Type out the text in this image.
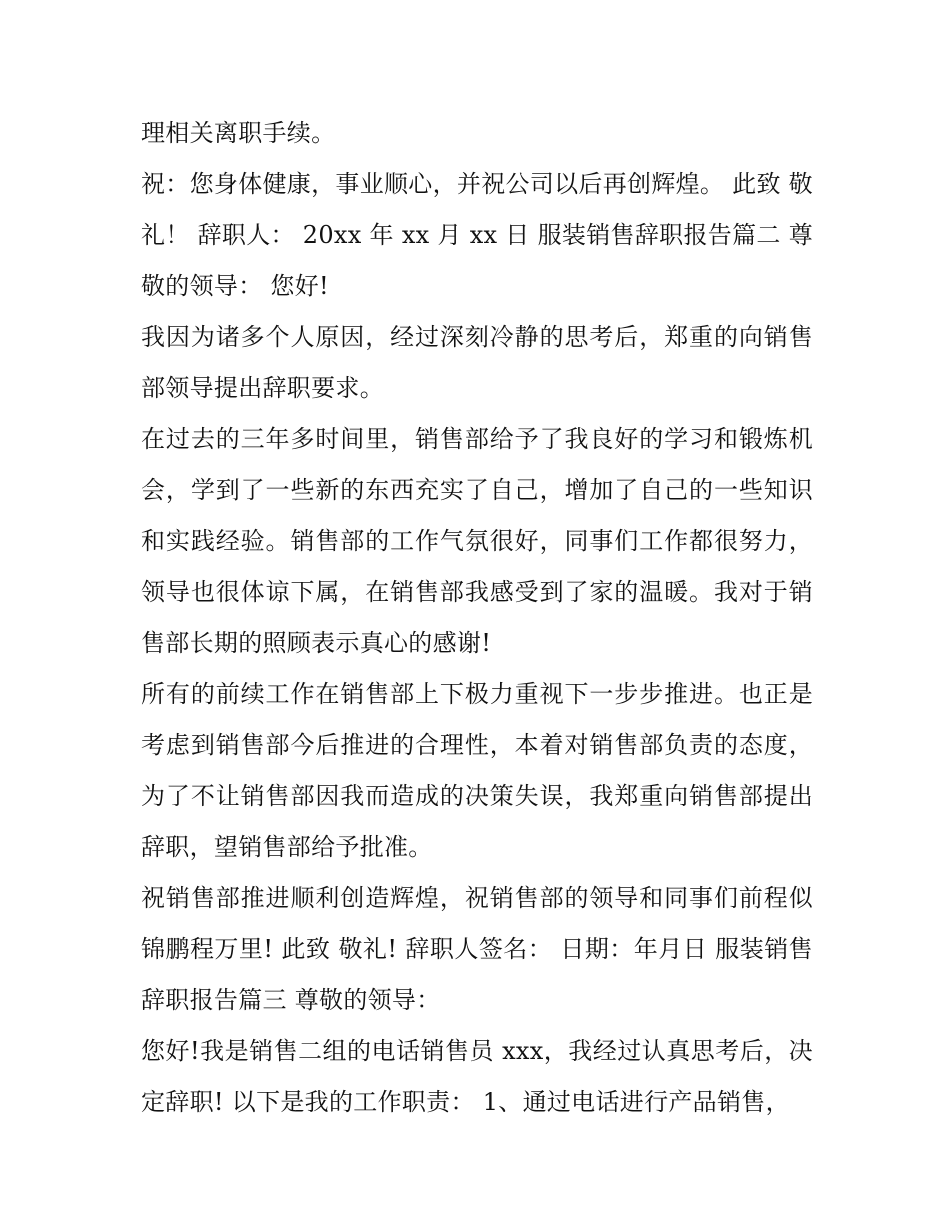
理相关离职手续。

祝：您身体健康，事业顺心，并祝公司以后再创辉煌。 此致 敬礼！ 辞职人： 20xx 年 xx 月 xx 日 服装销售辞职报告篇二 尊敬的领导： 您好!

我因为诸多个人原因，经过深刻冷静的思考后，郑重的向销售部领导提出辞职要求。

在过去的三年多时间里，销售部给予了我良好的学习和锻炼机会，学到了一些新的东西充实了自己，增加了自己的一些知识和实践经验。销售部的工作气氛很好，同事们工作都很努力，领导也很体谅下属，在销售部我感受到了家的温暖。我对于销售部长期的照顾表示真心的感谢!

所有的前续工作在销售部上下极力重视下一步步推进。也正是考虑到销售部今后推进的合理性，本着对销售部负责的态度，为了不让销售部因我而造成的决策失误，我郑重向销售部提出辞职，望销售部给予批准。

祝销售部推进顺利创造辉煌，祝销售部的领导和同事们前程似锦鹏程万里! 此致 敬礼! 辞职人签名： 日期：年月日 服装销售辞职报告篇三 尊敬的领导：

您好!我是销售二组的电话销售员 xxx，我经过认真思考后，决定辞职! 以下是我的工作职责： 1、通过电话进行产品销售，
